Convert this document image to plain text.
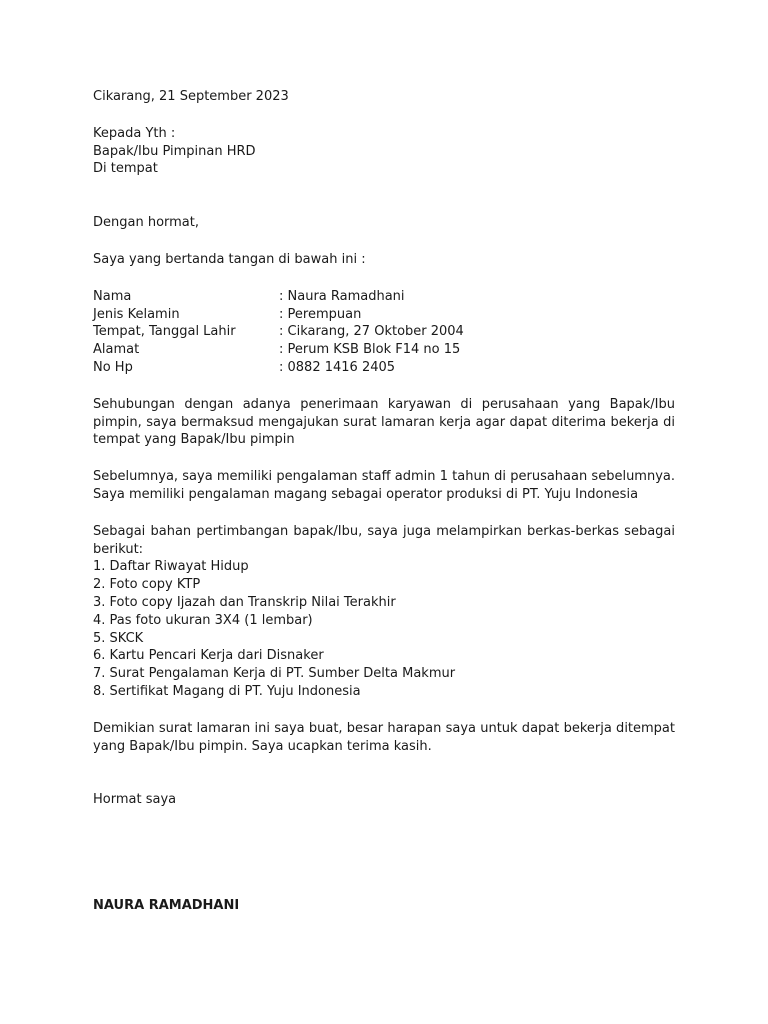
Cikarang, 21 September 2023
Kepada Yth :
Bapak/Ibu Pimpinan HRD
Di tempat
Dengan hormat,
Saya yang bertanda tangan di bawah ini :
Nama	: Naura Ramadhani
Jenis Kelamin	: Perempuan
Tempat, Tanggal Lahir	: Cikarang, 27 Oktober 2004
Alamat	: Perum KSB Blok F14 no 15
No Hp	: 0882 1416 2405
Sehubungan dengan adanya penerimaan karyawan di perusahaan yang Bapak/Ibu pimpin, saya bermaksud mengajukan surat lamaran kerja agar dapat diterima bekerja di tempat yang Bapak/Ibu pimpin
Sebelumnya, saya memiliki pengalaman staff admin 1 tahun di perusahaan sebelumnya. Saya memiliki pengalaman magang sebagai operator produksi di PT. Yuju Indonesia
Sebagai bahan pertimbangan bapak/Ibu, saya juga melampirkan berkas-berkas sebagai berikut:
1. Daftar Riwayat Hidup
2. Foto copy KTP
3. Foto copy Ijazah dan Transkrip Nilai Terakhir
4. Pas foto ukuran 3X4 (1 lembar)
5. SKCK
6. Kartu Pencari Kerja dari Disnaker
7. Surat Pengalaman Kerja di PT. Sumber Delta Makmur
8. Sertifikat Magang di PT. Yuju Indonesia
Demikian surat lamaran ini saya buat, besar harapan saya untuk dapat bekerja ditempat yang Bapak/Ibu pimpin. Saya ucapkan terima kasih.
Hormat saya
NAURA RAMADHANI
